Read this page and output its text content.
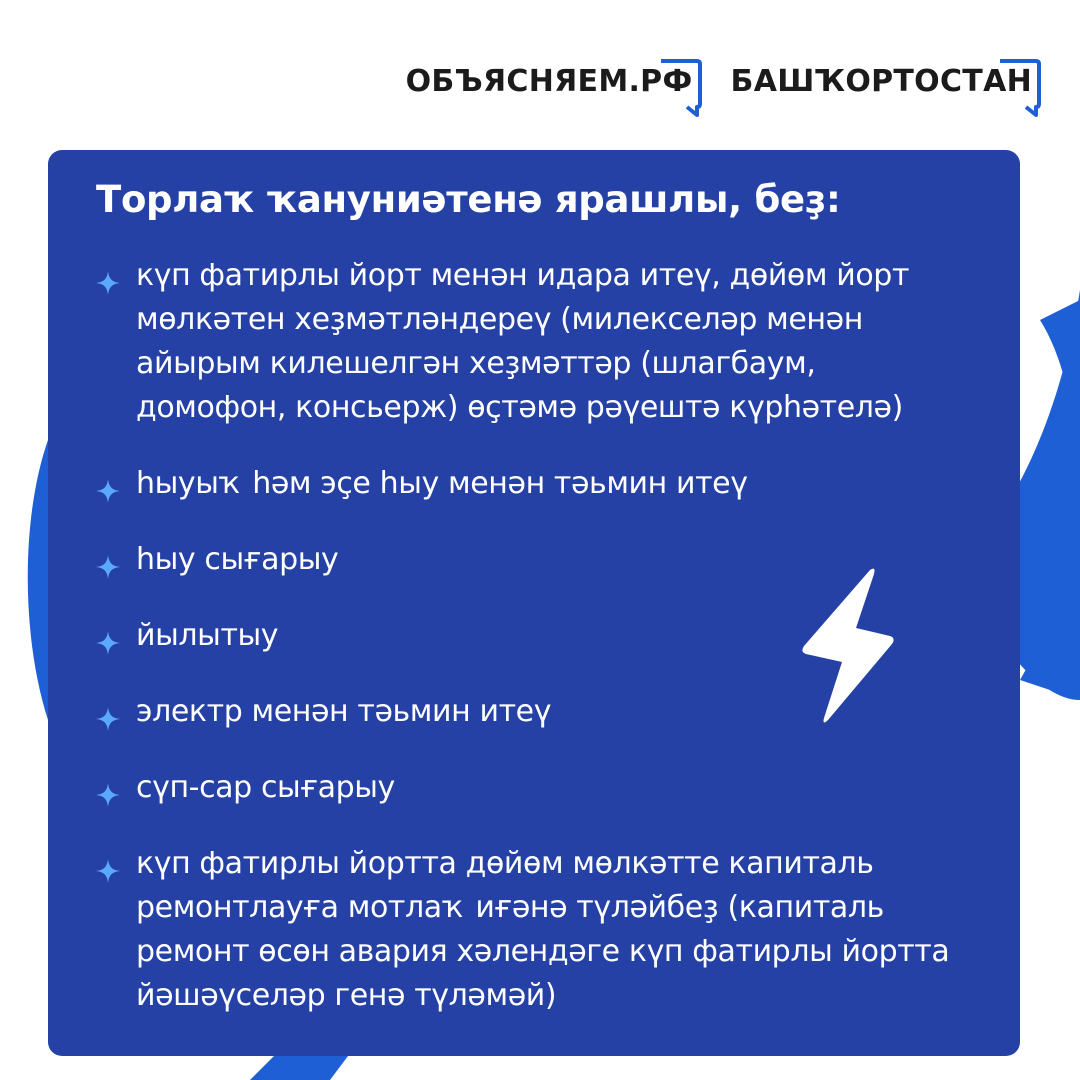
ОБЪЯСНЯЕМ.РФ БАШҠОРТОСТАН
Торлаҡ ҡануниәтенә ярашлы, беҙ:
күп фатирлы йорт менән идара итеү, дөйөм йорт
мөлкәтен хеҙмәтләндереү (милекселәр менән
айырым килешелгән хеҙмәттәр (шлагбаум,
домофон, консьерж) өҫтәмә рәүештә күрһәтелә)
һыуыҡ һәм эҫе һыу менән тәьмин итеү
һыу сығарыу
йылытыу
электр менән тәьмин итеү
сүп-сар сығарыу
күп фатирлы йортта дөйөм мөлкәтте капиталь
ремонтлауға мотлаҡ иғәнә түләйбеҙ (капиталь
ремонт өсөн авария хәлендәге күп фатирлы йортта
йәшәүселәр генә түләмәй)
